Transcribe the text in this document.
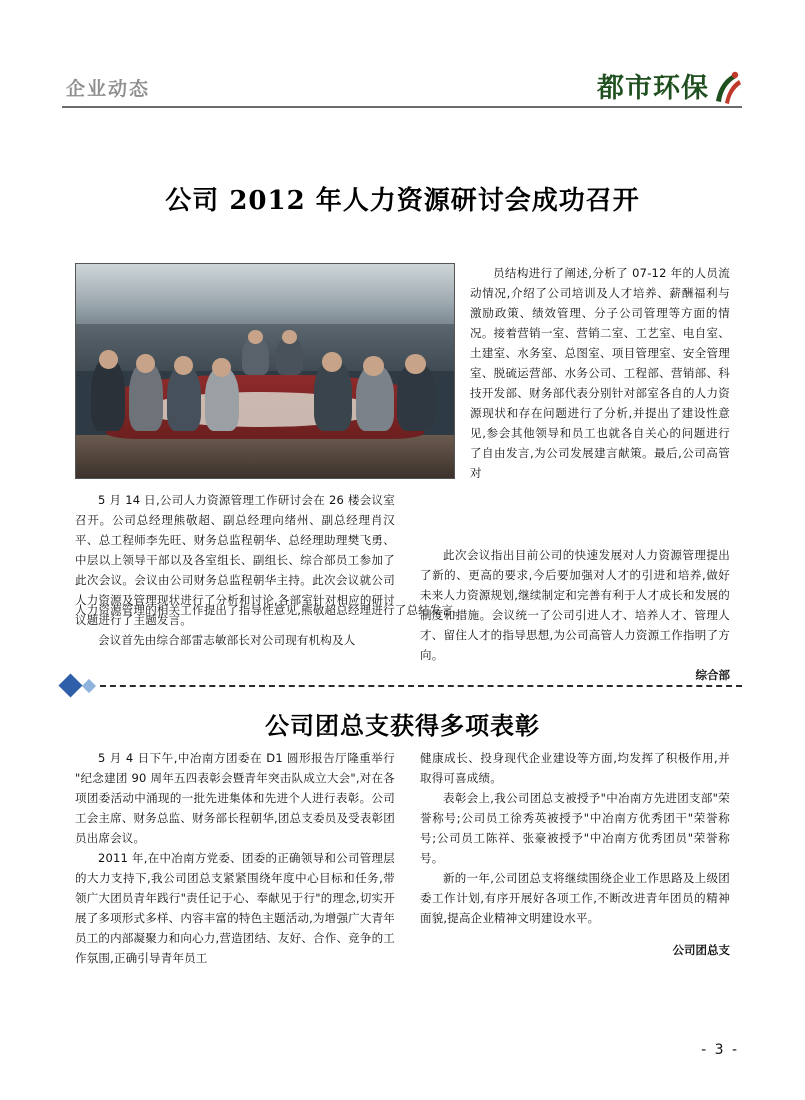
企业动态	都市环保
公司 2012 年人力资源研讨会成功召开

员结构进行了阐述,分析了 07-12 年的人员流动情况,介绍了公司培训及人才培养、薪酬福利与激励政策、绩效管理、分子公司管理等方面的情况。接着营销一室、营销二室、工艺室、电自室、土建室、水务室、总图室、项目管理室、安全管理室、脱硫运营部、水务公司、工程部、营销部、科技开发部、财务部代表分别针对部室各自的人力资源现状和存在问题进行了分析,并提出了建设性意见,参会其他领导和员工也就各自关心的问题进行了自由发言,为公司发展建言献策。最后,公司高管对

5 月 14 日,公司人力资源管理工作研讨会在 26 楼会议室召开。公司总经理熊敬超、副总经理向绪州、副总经理肖汉平、总工程师李先旺、财务总监程朝华、总经理助理樊飞勇、中层以上领导干部以及各室组长、副组长、综合部员工参加了此次会议。会议由公司财务总监程朝华主持。此次会议就公司人力资源及管理现状进行了分析和讨论,各部室针对相应的研讨议题进行了主题发言。

会议首先由综合部雷志敏部长对公司现有机构及人

人力资源管理的相关工作提出了指导性意见,熊敬超总经理进行了总结发言。

此次会议指出目前公司的快速发展对人力资源管理提出了新的、更高的要求,今后要加强对人才的引进和培养,做好未来人力资源规划,继续制定和完善有利于人才成长和发展的制度和措施。会议统一了公司引进人才、培养人才、管理人才、留住人才的指导思想,为公司高管人力资源工作指明了方向。

综合部
公司团总支获得多项表彰

5 月 4 日下午,中冶南方团委在 D1 圆形报告厅隆重举行 "纪念建团 90 周年五四表彰会暨青年突击队成立大会",对在各项团委活动中涌现的一批先进集体和先进个人进行表彰。公司工会主席、财务总监、财务部长程朝华,团总支委员及受表彰团员出席会议。

2011 年,在中冶南方党委、团委的正确领导和公司管理层的大力支持下,我公司团总支紧紧围绕年度中心目标和任务,带领广大团员青年践行"责任记于心、奉献见于行"的理念,切实开展了多项形式多样、内容丰富的特色主题活动,为增强广大青年员工的内部凝聚力和向心力,营造团结、友好、合作、竞争的工作氛围,正确引导青年员工

健康成长、投身现代企业建设等方面,均发挥了积极作用,并取得可喜成绩。

表彰会上,我公司团总支被授予"中冶南方先进团支部"荣誉称号;公司员工徐秀英被授予"中冶南方优秀团干"荣誉称号;公司员工陈祥、张豪被授予"中冶南方优秀团员"荣誉称号。

新的一年,公司团总支将继续围绕企业工作思路及上级团委工作计划,有序开展好各项工作,不断改进青年团员的精神面貌,提高企业精神文明建设水平。

公司团总支
- 3 -
